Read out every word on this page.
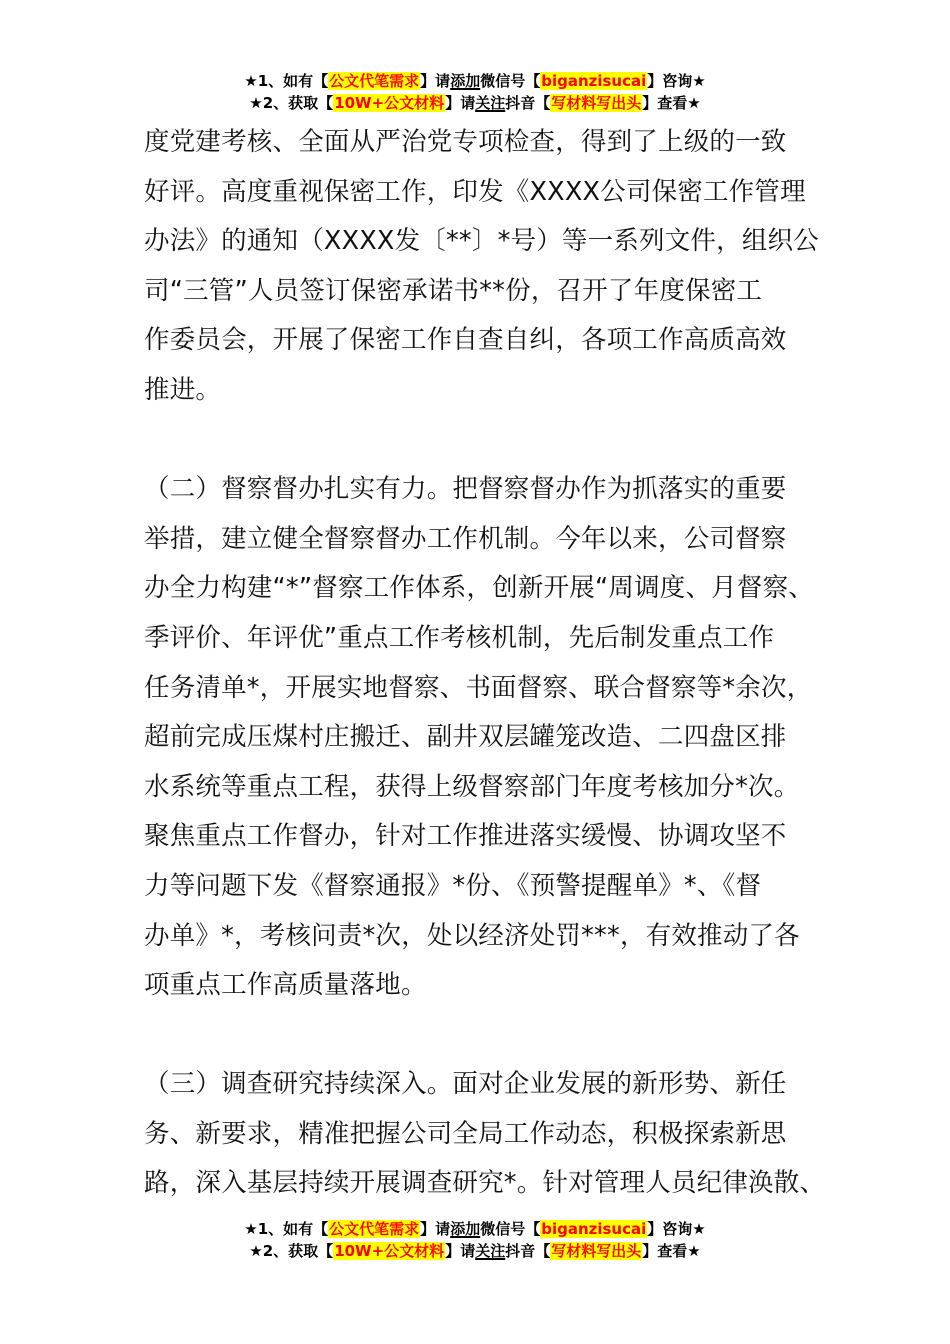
★1、如有【公文代笔需求】请添加微信号【biganzisucai】咨询★
★2、获取【10W+公文材料】请关注抖音【写材料写出头】查看★
度党建考核、全面从严治党专项检查，得到了上级的一致
好评。高度重视保密工作，印发《XXXX公司保密工作管理
办法》的通知（XXXX发〔**〕*号）等一系列文件，组织公
司“三管”人员签订保密承诺书**份，召开了年度保密工
作委员会，开展了保密工作自查自纠，各项工作高质高效
推进。
（二）督察督办扎实有力。把督察督办作为抓落实的重要
举措，建立健全督察督办工作机制。今年以来，公司督察
办全力构建“*”督察工作体系，创新开展“周调度、月督察、
季评价、年评优”重点工作考核机制，先后制发重点工作
任务清单*，开展实地督察、书面督察、联合督察等*余次，
超前完成压煤村庄搬迁、副井双层罐笼改造、二四盘区排
水系统等重点工程，获得上级督察部门年度考核加分*次。
聚焦重点工作督办，针对工作推进落实缓慢、协调攻坚不
力等问题下发《督察通报》*份、《预警提醒单》*、《督
办单》*，考核问责*次，处以经济处罚***，有效推动了各
项重点工作高质量落地。
（三）调查研究持续深入。面对企业发展的新形势、新任
务、新要求，精准把握公司全局工作动态，积极探索新思
路，深入基层持续开展调查研究*。针对管理人员纪律涣散、
★1、如有【公文代笔需求】请添加微信号【biganzisucai】咨询★
★2、获取【10W+公文材料】请关注抖音【写材料写出头】查看★
